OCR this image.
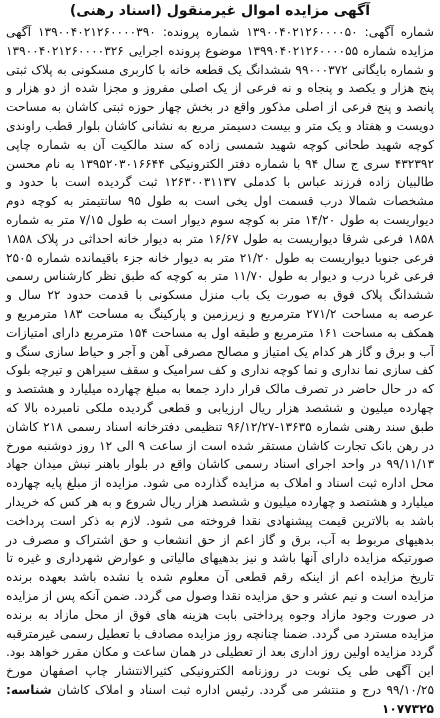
آگهی مزایده اموال غیرمنقول (اسناد رهنی)

شماره آگهی: ۱۳۹۰۰۴۰۲۱۲۶۰۰۰۰۵۰ شماره پرونده: ۱۳۹۰۰۴۰۲۱۲۶۰۰۰۰۳۹۰ آگهی مزایده شماره ۱۳۹۹۰۴۰۲۱۲۶۰۰۰۰۵۵ موضوع پرونده اجرایی ۱۳۹۰۰۴۰۲۱۲۶۰۰۰۰۳۲۶ و شماره بایگانی ۹۹۰۰۰۳۷۲ ششدانگ یک قطعه خانه با کاربری مسکونی به پلاک ثبتی پنج هزار و یکصد و پنجاه و نه فرعی از یک اصلی مفروز و مجزا شده از دو هزار و پانصد و پنج فرعی از اصلی مذکور واقع در بخش چهار حوزه ثبتی کاشان به مساحت دویست و هفتاد و یک متر و بیست دسیمتر مربع به نشانی کاشان بلوار قطب راوندی کوچه شهید طحانی کوچه شهید شمسی زاده که سند مالکیت آن به شماره چاپی ۴۳۲۳۹۲ سری ج سال ۹۴ با شماره دفتر الکترونیکی ۱۳۹۵۲۰۳۰۱۶۶۴۴ به نام محسن طالبیان زاده فرزند عباس با کدملی ۱۲۶۳۰۰۳۱۱۳۷ ثبت گردیده است با حدود و مشخصات شمالا درب قسمت اول یخی است به طول ۹۵ سانتیمتر به کوچه دوم دیواریست به طول ۱۴/۲۰ متر به کوچه سوم دیوار است به طول ۷/۱۵ متر به شماره ۱۸۵۸ فرعی شرقا دیواریست به طول ۱۶/۶۷ متر به دیوار خانه احداثی در پلاک ۱۸۵۸ فرعی جنوبا دیواریست به طول ۲۱/۲۰ متر به دیوار خانه جزء باقیمانده شماره ۲۵۰۵ فرعی غربا درب و دیوار به طول ۱۱/۷۰ متر به کوچه که طبق نظر کارشناس رسمی ششدانگ پلاک فوق به صورت یک باب منزل مسکونی با قدمت حدود ۲۲ سال و عرصه به مساحت ۲۷۱/۲ مترمربع و زیرزمین و پارکینگ به مساحت ۱۸۳ مترمربع و همکف به مساحت ۱۶۱ مترمربع و طبقه اول به مساحت ۱۵۴ مترمربع دارای امتیازات آب و برق و گاز هر کدام یک امتیاز و مصالح مصرفی آهن و آجر و حیاط سازی سنگ و کف سازی نما نداری و نما کوچه نداری و کف سرامیک و سقف سیراهن و تیرچه بلوک که در حال حاضر در تصرف مالک قرار دارد جمعا به مبلغ چهارده میلیارد و هشتصد و چهارده میلیون و ششصد هزار ریال ارزیابی و قطعی گردیده ملکی نامبرده بالا که طبق سند رهنی شماره ۱۳۶۳۵-۹۶/۱۲/۲۷ تنظیمی دفترخانه اسناد رسمی ۲۱۸ کاشان در رهن بانک تجارت کاشان مستقر شده است از ساعت ۹ الی ۱۲ روز دوشنبه مورخ ۹۹/۱۱/۱۳ در واحد اجرای اسناد رسمی کاشان واقع در بلوار باهنر نبش میدان جهاد محل اداره ثبت اسناد و املاک به مزایده گذارده می شود. مزایده از مبلغ پایه چهارده میلیارد و هشتصد و چهارده میلیون و ششصد هزار ریال شروع و به هر کس که خریدار باشد به بالاترین قیمت پیشنهادی نقدا فروخته می شود. لازم به ذکر است پرداخت بدهیهای مربوط به آب، برق و گاز اعم از حق انشعاب و حق اشتراک و مصرف در صورتیکه مزایده دارای آنها باشد و نیز بدهیهای مالیاتی و عوارض شهرداری و غیره تا تاریخ مزایده اعم از اینکه رقم قطعی آن معلوم شده یا نشده باشد بعهده برنده مزایده است و نیم عشر و حق مزایده نقدا وصول می گردد. ضمن آنکه پس از مزایده در صورت وجود مازاد وجوه پرداختی بابت هزینه های فوق از محل مازاد به برنده مزایده مسترد می گردد. ضمنا چنانچه روز مزایده مصادف با تعطیل رسمی غیرمترقبه گردد مزایده اولین روز اداری بعد از تعطیلی در همان ساعت و مکان مقرر خواهد بود. این آگهی طی یک نوبت در روزنامه الکترونیکی کثیرالانتشار چاپ اصفهان مورخ ۹۹/۱۰/۲۵ درج و منتشر می گردد. رئیس اداره ثبت اسناد و املاک کاشان شناسه: ۱۰۷۷۳۲۵
